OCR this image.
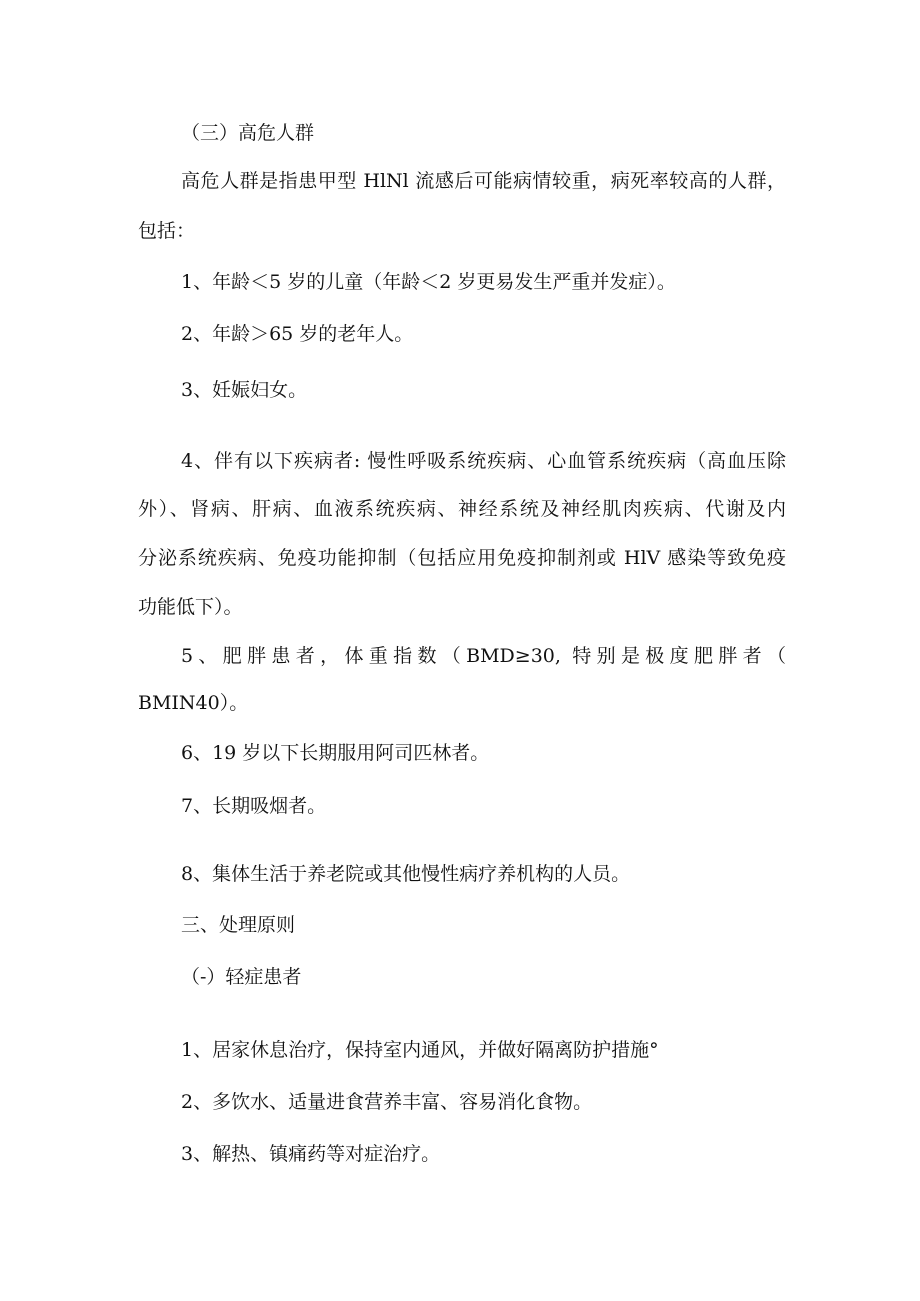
（三）高危人群
高危人群是指患甲型 HlNl 流感后可能病情较重，病死率较高的人群，
包括：
1、年龄＜5 岁的儿童（年龄＜2 岁更易发生严重并发症）。
2、年龄＞65 岁的老年人。
3、妊娠妇女。
4、伴有以下疾病者: 慢性呼吸系统疾病、心血管系统疾病（高血压除
外）、肾病、肝病、血液系统疾病、神经系统及神经肌肉疾病、代谢及内
分泌系统疾病、免疫功能抑制（包括应用免疫抑制剂或 HlV 感染等致免疫
功能低下）。
5、肥胖患者，体重指数（BMD≥30, 特别是极度肥胖者（
BMIN40）。
6、19 岁以下长期服用阿司匹林者。
7、长期吸烟者。
8、集体生活于养老院或其他慢性病疗养机构的人员。
三、处理原则
（-）轻症患者
1、居家休息治疗，保持室内通风，并做好隔离防护措施°
2、多饮水、适量进食营养丰富、容易消化食物。
3、解热、镇痛药等对症治疗。
